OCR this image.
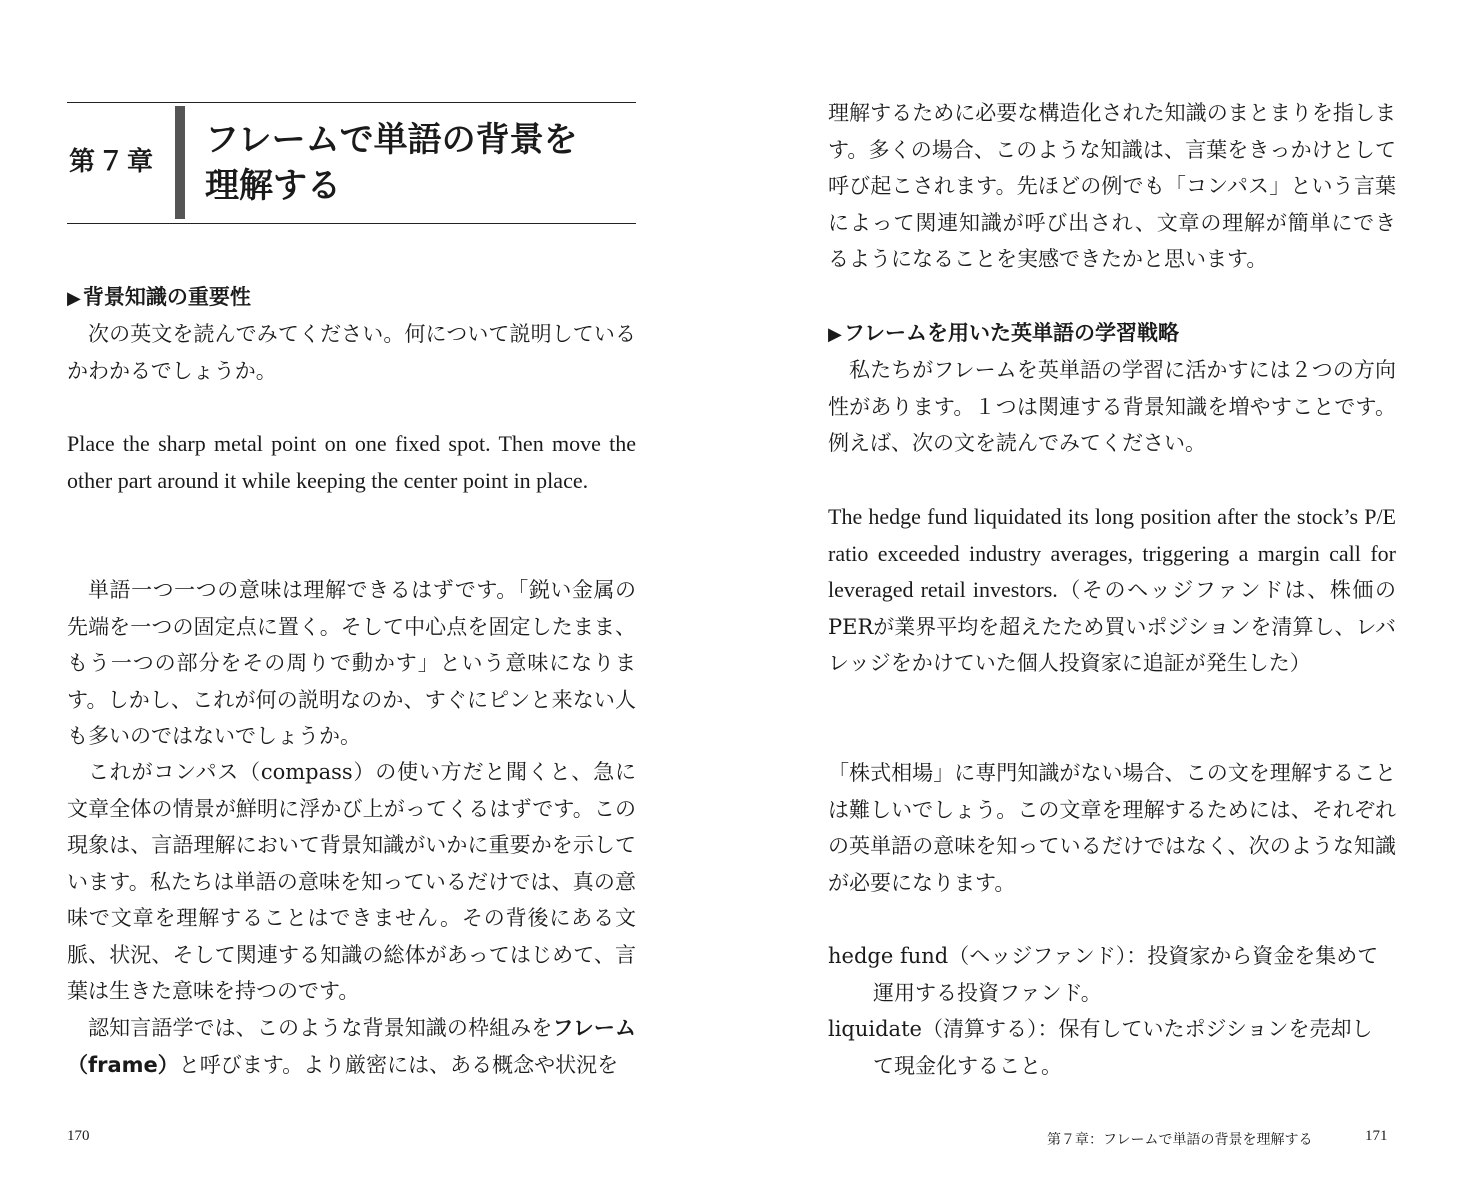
第７章
フレームで単語の背景を
理解する
▶背景知識の重要性

次の英文を読んでみてください。何について説明しているかわかるでしょうか。

Place the sharp metal point on one fixed spot. Then move the other part around it while keeping the center point in place.

単語一つ一つの意味は理解できるはずです。「鋭い金属の先端を一つの固定点に置く。そして中心点を固定したまま、もう一つの部分をその周りで動かす」という意味になります。しかし、これが何の説明なのか、すぐにピンと来ない人も多いのではないでしょうか。

これがコンパス（compass）の使い方だと聞くと、急に文章全体の情景が鮮明に浮かび上がってくるはずです。この現象は、言語理解において背景知識がいかに重要かを示しています。私たちは単語の意味を知っているだけでは、真の意味で文章を理解することはできません。その背後にある文脈、状況、そして関連する知識の総体があってはじめて、言葉は生きた意味を持つのです。

認知言語学では、このような背景知識の枠組みをフレーム（frame）と呼びます。より厳密には、ある概念や状況を

170

理解するために必要な構造化された知識のまとまりを指します。多くの場合、このような知識は、言葉をきっかけとして呼び起こされます。先ほどの例でも「コンパス」という言葉によって関連知識が呼び出され、文章の理解が簡単にできるようになることを実感できたかと思います。

▶フレームを用いた英単語の学習戦略

私たちがフレームを英単語の学習に活かすには２つの方向性があります。１つは関連する背景知識を増やすことです。例えば、次の文を読んでみてください。

The hedge fund liquidated its long position after the stock’s P/E ratio exceeded industry averages, triggering a margin call for leveraged retail investors.（そのヘッジファンドは、株価のPERが業界平均を超えたため買いポジションを清算し、レバレッジをかけていた個人投資家に追証が発生した）

「株式相場」に専門知識がない場合、この文を理解することは難しいでしょう。この文章を理解するためには、それぞれの英単語の意味を知っているだけではなく、次のような知識が必要になります。

hedge fund（ヘッジファンド）：投資家から資金を集めて
運用する投資ファンド。
liquidate（清算する）：保有していたポジションを売却し
て現金化すること。
第７章：フレームで単語の背景を理解する	171
